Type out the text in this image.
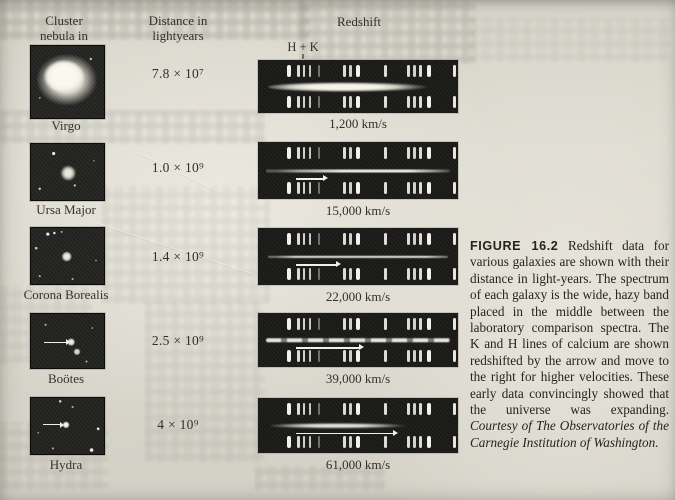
Cluster
nebula in
Distance in
lightyears
Redshift
H + K
Virgo
7.8 × 10⁷
1,200 km/s
Ursa Major
1.0 × 10⁹
15,000 km/s
Corona Borealis
1.4 × 10⁹
22,000 km/s
Boötes
2.5 × 10⁹
39,000 km/s
Hydra
4 × 10⁹
61,000 km/s
FIGURE 16.2 Redshift data for various galaxies are shown with their distance in light-years. The spectrum of each galaxy is the wide, hazy band placed in the middle between the laboratory comparison spectra. The K and H lines of calcium are shown redshifted by the arrow and move to the right for higher velocities. These early data convincingly showed that the universe was expanding. Courtesy of The Observatories of the Carnegie Institution of Washington.
